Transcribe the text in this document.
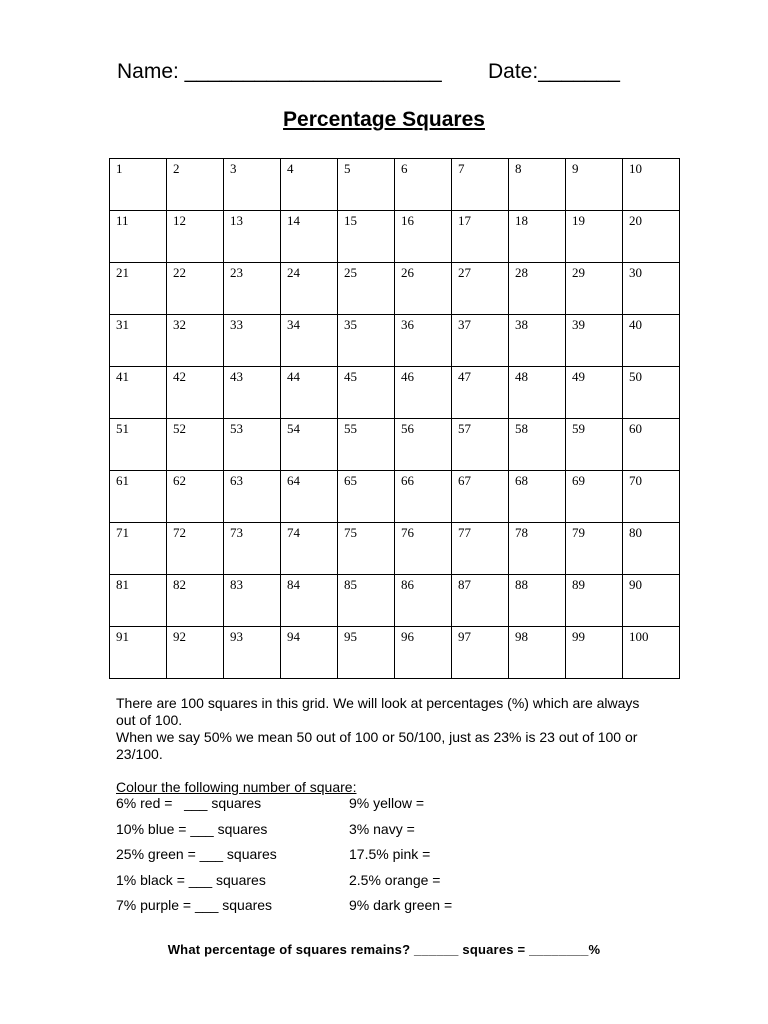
Name: ______________________

Date:_______

Percentage Squares
1	2	3	4	5	6	7	8	9	10

11	12	13	14	15	16	17	18	19	20

21	22	23	24	25	26	27	28	29	30

31	32	33	34	35	36	37	38	39	40

41	42	43	44	45	46	47	48	49	50

51	52	53	54	55	56	57	58	59	60

61	62	63	64	65	66	67	68	69	70

71	72	73	74	75	76	77	78	79	80

81	82	83	84	85	86	87	88	89	90

91	92	93	94	95	96	97	98	99	100

There are 100 squares in this grid. We will look at percentages (%) which are always out of 100.

When we say 50% we mean 50 out of 100 or 50/100, just as 23% is 23 out of 100 or 23/100.

Colour the following number of square:
6% red =   ___ squares
10% blue = ___ squares
25% green = ___ squares
1% black = ___ squares
7% purple = ___ squares
9% yellow =
3% navy =
17.5% pink =
2.5% orange =
9% dark green =
What percentage of squares remains? ______ squares = ________%
